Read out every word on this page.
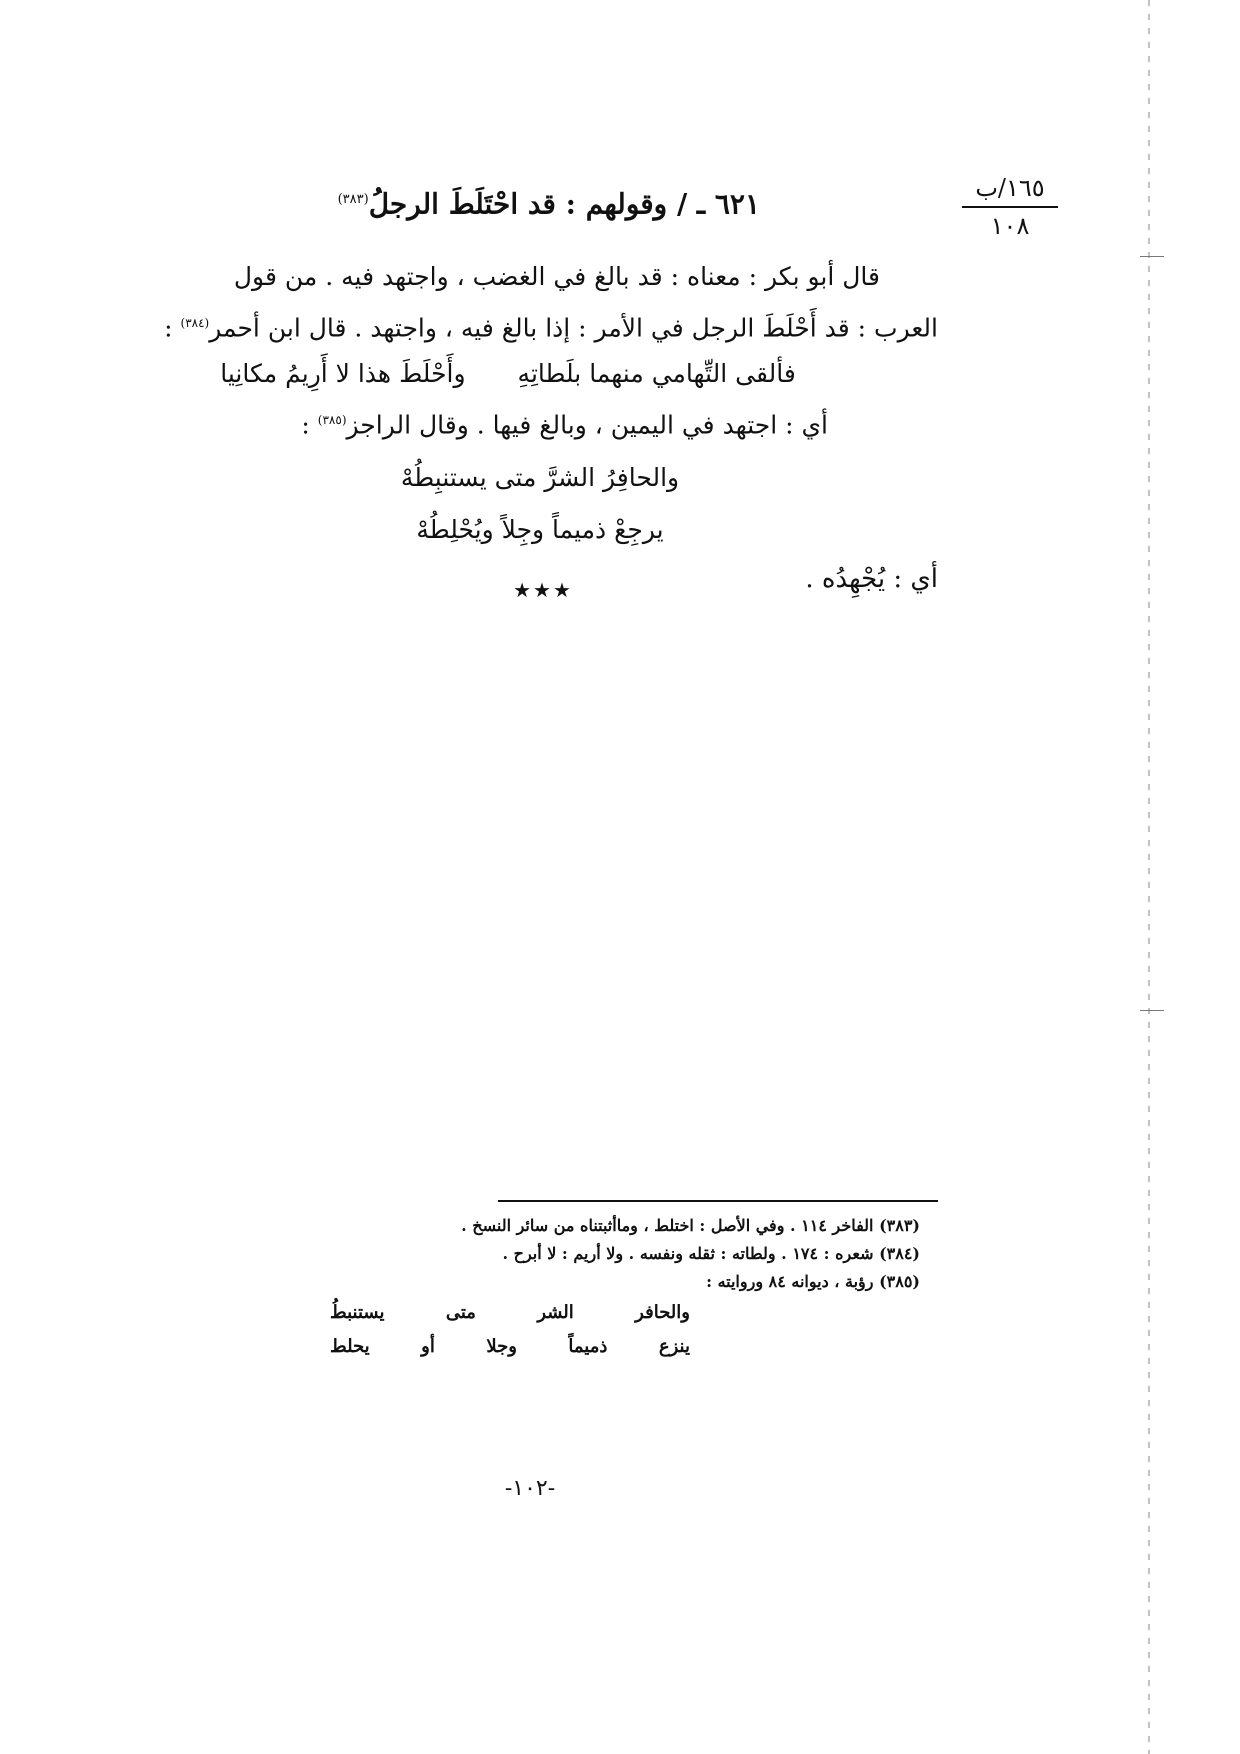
١٦٥/ب
١٠٨
٦٢١ ـ / وقولهم : قد احْتَلَطَ الرجلُ$^{(٣٨٣)}$

قال أبو بكر : معناه : قد بالغ في الغضب ، واجتهد فيه . من قول

العرب : قد أَحْلَطَ الرجل في الأمر : إذا بالغ فيه ، واجتهد . قال ابن أحمر$^{(٣٨٤)}$ :

فألقى التِّهامي منهما بلَطاتِهِ
وأَحْلَطَ هذا لا أَرِيمُ مكانِيا

أي : اجتهد في اليمين ، وبالغ فيها . وقال الراجز$^{(٣٨٥)}$ :

والحافِرُ الشرَّ متى يستنبِطُهْ
يرجِعْ ذميماً وجِلاً ويُحْلِطُهْ
أي : يُجْهِدُه .
★★★

(٣٨٣) الفاخر ١١٤ . وفي الأصل : اختلط ، وماأثبتناه من سائر النسخ .

(٣٨٤) شعره : ١٧٤ . ولطاته : ثقله ونفسه . ولا أريم : لا أبرح .

(٣٨٥) رؤبة ، ديوانه ٨٤ وروايته :

والحافر
الشر
متى
يستنبطُ
ينزع
ذميماً
وجلا
أو
يحلط
-١٠٢-
